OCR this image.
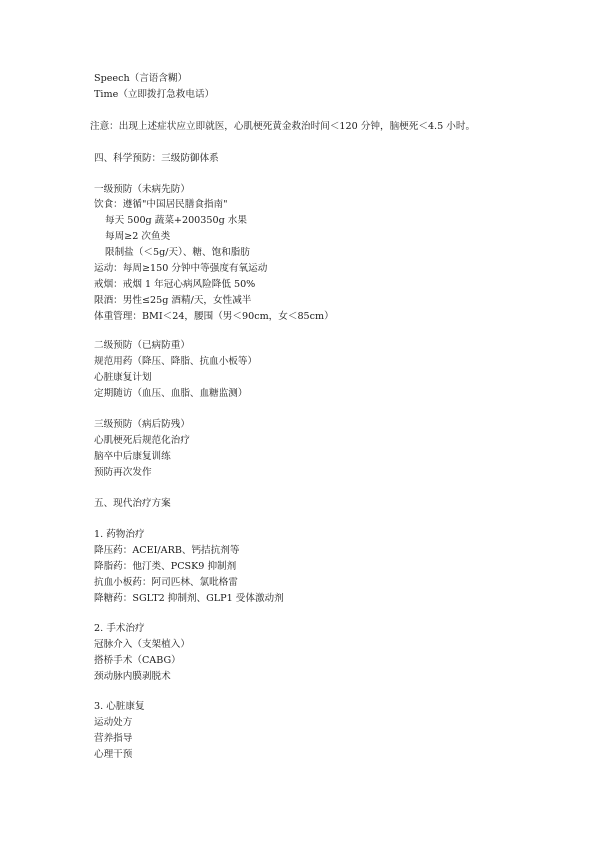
Speech（言语含糊）
Time（立即拨打急救电话）
注意：出现上述症状应立即就医，心肌梗死黄金救治时间＜120 分钟，脑梗死＜4.5 小时。
四、科学预防：三级防御体系
一级预防（未病先防）
饮食：遵循"中国居民膳食指南"
每天 500g 蔬菜+200350g 水果
每周≥2 次鱼类
限制盐（＜5g/天）、糖、饱和脂肪
运动：每周≥150 分钟中等强度有氧运动
戒烟：戒烟 1 年冠心病风险降低 50%
限酒：男性≤25g 酒精/天，女性减半
体重管理：BMI＜24，腰围（男＜90cm，女＜85cm）
二级预防（已病防重）
规范用药（降压、降脂、抗血小板等）
心脏康复计划
定期随访（血压、血脂、血糖监测）
三级预防（病后防残）
心肌梗死后规范化治疗
脑卒中后康复训练
预防再次发作
五、现代治疗方案
1. 药物治疗
降压药：ACEI/ARB、钙拮抗剂等
降脂药：他汀类、PCSK9 抑制剂
抗血小板药：阿司匹林、氯吡格雷
降糖药：SGLT2 抑制剂、GLP1 受体激动剂
2. 手术治疗
冠脉介入（支架植入）
搭桥手术（CABG）
颈动脉内膜剥脱术
3. 心脏康复
运动处方
营养指导
心理干预
